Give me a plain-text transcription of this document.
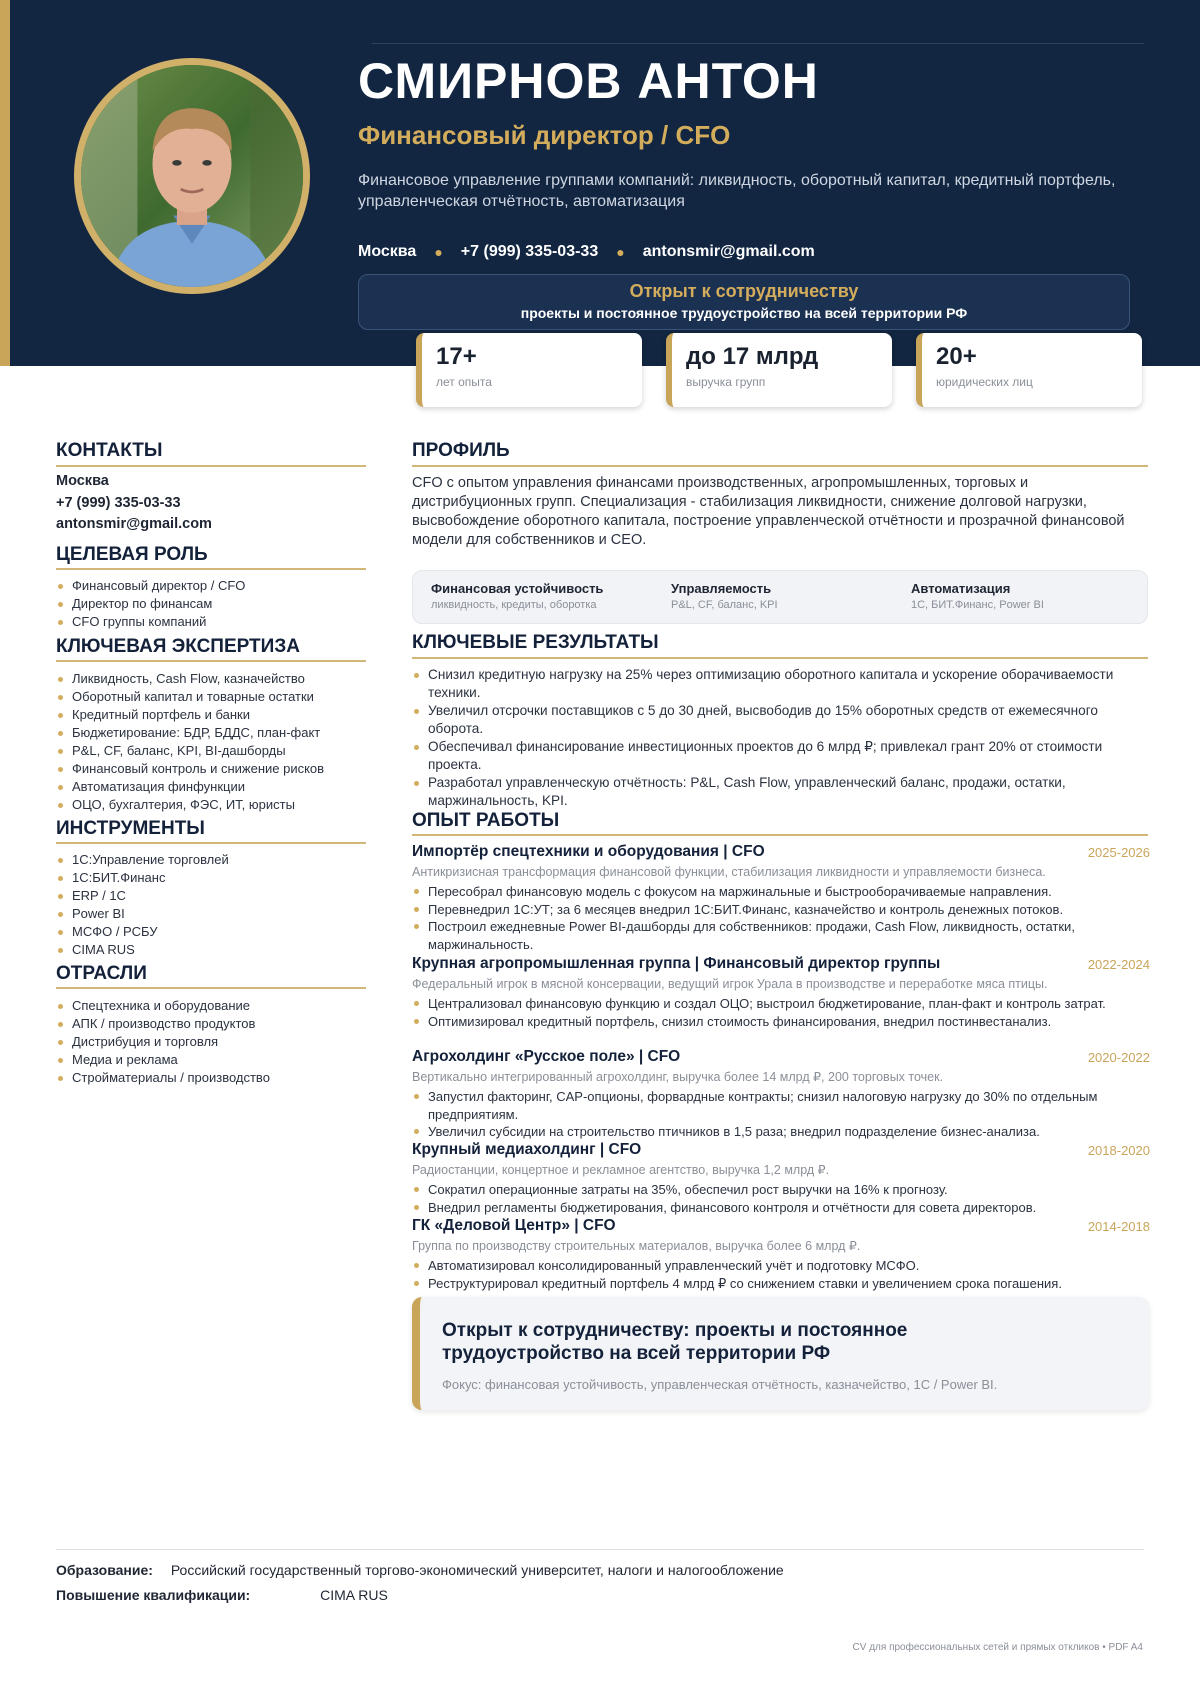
СМИРНОВ АНТОН
Финансовый директор / CFO
Финансовое управление группами компаний: ликвидность, оборотный капитал, кредитный портфель, управленческая отчётность, автоматизация
Москва ● +7 (999) 335-03-33 ● antonsmir@gmail.com
Открыт к сотрудничеству
проекты и постоянное трудоустройство на всей территории РФ
17+
лет опыта
до 17 млрд
выручка групп
20+
юридических лиц
КОНТАКТЫ
Москва
+7 (999) 335-03-33
antonsmir@gmail.com
ЦЕЛЕВАЯ РОЛЬ
Финансовый директор / CFO
Директор по финансам
CFO группы компаний
КЛЮЧЕВАЯ ЭКСПЕРТИЗА
Ликвидность, Cash Flow, казначейство
Оборотный капитал и товарные остатки
Кредитный портфель и банки
Бюджетирование: БДР, БДДС, план-факт
P&L, CF, баланс, KPI, BI-дашборды
Финансовый контроль и снижение рисков
Автоматизация финфункции
ОЦО, бухгалтерия, ФЭС, ИТ, юристы
ИНСТРУМЕНТЫ
1С:Управление торговлей
1С:БИТ.Финанс
ERP / 1С
Power BI
МСФО / РСБУ
CIMA RUS
ОТРАСЛИ
Спецтехника и оборудование
АПК / производство продуктов
Дистрибуция и торговля
Медиа и реклама
Стройматериалы / производство
ПРОФИЛЬ
CFO с опытом управления финансами производственных, агропромышленных, торговых и дистрибуционных групп. Специализация - стабилизация ликвидности, снижение долговой нагрузки, высвобождение оборотного капитала, построение управленческой отчётности и прозрачной финансовой модели для собственников и CEO.
Финансовая устойчивость
ликвидность, кредиты, оборотка
Управляемость
P&L, CF, баланс, KPI
Автоматизация
1С, БИТ.Финанс, Power BI
КЛЮЧЕВЫЕ РЕЗУЛЬТАТЫ
Снизил кредитную нагрузку на 25% через оптимизацию оборотного капитала и ускорение оборачиваемости техники.
Увеличил отсрочки поставщиков с 5 до 30 дней, высвободив до 15% оборотных средств от ежемесячного оборота.
Обеспечивал финансирование инвестиционных проектов до 6 млрд ₽; привлекал грант 20% от стоимости проекта.
Разработал управленческую отчётность: P&L, Cash Flow, управленческий баланс, продажи, остатки, маржинальность, KPI.
ОПЫТ РАБОТЫ
Импортёр спецтехники и оборудования | CFO	2025-2026
Антикризисная трансформация финансовой функции, стабилизация ликвидности и управляемости бизнеса.
Пересобрал финансовую модель с фокусом на маржинальные и быстрооборачиваемые направления.
Перевнедрил 1С:УТ; за 6 месяцев внедрил 1С:БИТ.Финанс, казначейство и контроль денежных потоков.
Построил ежедневные Power BI-дашборды для собственников: продажи, Cash Flow, ликвидность, остатки, маржинальность.
Крупная агропромышленная группа | Финансовый директор группы	2022-2024
Федеральный игрок в мясной консервации, ведущий игрок Урала в производстве и переработке мяса птицы.
Централизовал финансовую функцию и создал ОЦО; выстроил бюджетирование, план-факт и контроль затрат.
Оптимизировал кредитный портфель, снизил стоимость финансирования, внедрил постинвестанализ.
Агрохолдинг «Русское поле» | CFO	2020-2022
Вертикально интегрированный агрохолдинг, выручка более 14 млрд ₽, 200 торговых точек.
Запустил факторинг, CAP-опционы, форвардные контракты; снизил налоговую нагрузку до 30% по отдельным предприятиям.
Увеличил субсидии на строительство птичников в 1,5 раза; внедрил подразделение бизнес-анализа.
Крупный медиахолдинг | CFO	2018-2020
Радиостанции, концертное и рекламное агентство, выручка 1,2 млрд ₽.
Сократил операционные затраты на 35%, обеспечил рост выручки на 16% к прогнозу.
Внедрил регламенты бюджетирования, финансового контроля и отчётности для совета директоров.
ГК «Деловой Центр» | CFO	2014-2018
Группа по производству строительных материалов, выручка более 6 млрд ₽.
Автоматизировал консолидированный управленческий учёт и подготовку МСФО.
Реструктурировал кредитный портфель 4 млрд ₽ со снижением ставки и увеличением срока погашения.
Открыт к сотрудничеству: проекты и постоянное трудоустройство на всей территории РФ
Фокус: финансовая устойчивость, управленческая отчётность, казначейство, 1С / Power BI.
Образование: Российский государственный торгово-экономический университет, налоги и налогообложение
Повышение квалификации:	CIMA RUS
CV для профессиональных сетей и прямых откликов • PDF A4
